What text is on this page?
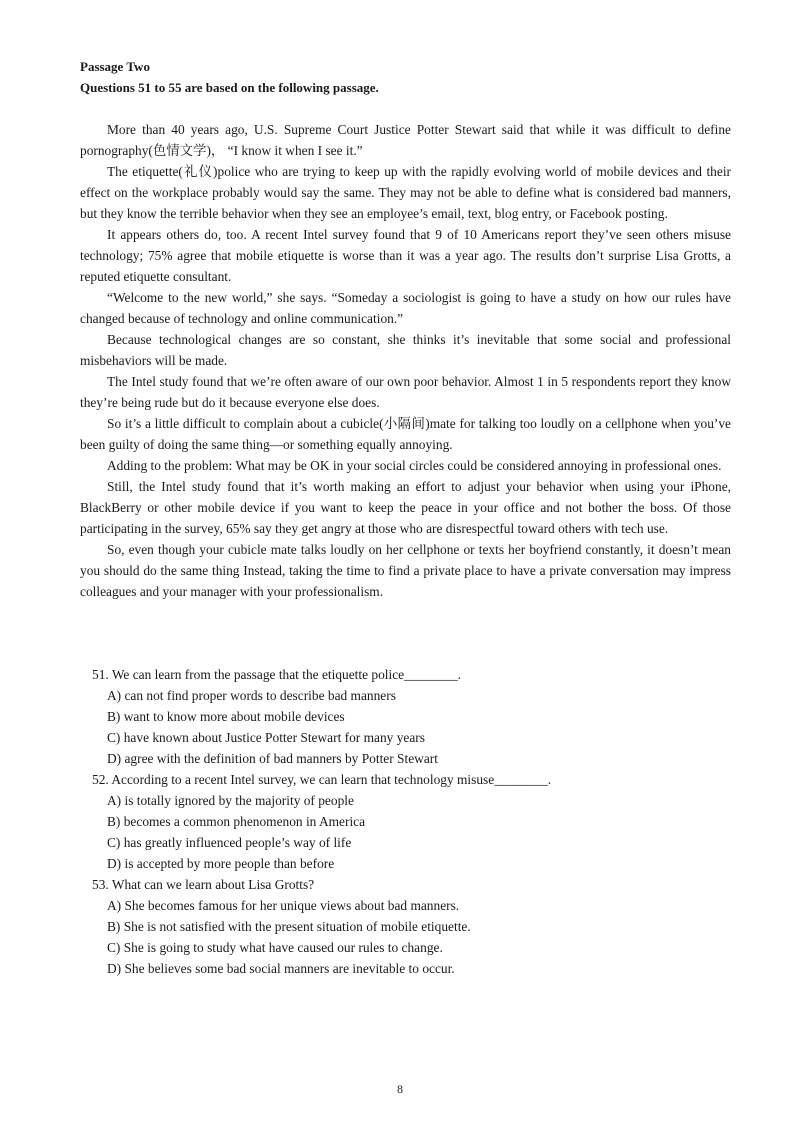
Passage Two
Questions 51 to 55 are based on the following passage.

More than 40 years ago, U.S. Supreme Court Justice Potter Stewart said that while it was difficult to define pornography(色情文学)， “I know it when I see it.”

The etiquette(礼仪)police who are trying to keep up with the rapidly evolving world of mobile devices and their effect on the workplace probably would say the same. They may not be able to define what is considered bad manners, but they know the terrible behavior when they see an employee’s email, text, blog entry, or Facebook posting.

It appears others do, too. A recent Intel survey found that 9 of 10 Americans report they’ve seen others misuse technology; 75% agree that mobile etiquette is worse than it was a year ago. The results don’t surprise Lisa Grotts, a reputed etiquette consultant.

“Welcome to the new world,” she says. “Someday a sociologist is going to have a study on how our rules have changed because of technology and online communication.”

Because technological changes are so constant, she thinks it’s inevitable that some social and professional misbehaviors will be made.

The Intel study found that we’re often aware of our own poor behavior. Almost 1 in 5 respondents report they know they’re being rude but do it because everyone else does.

So it’s a little difficult to complain about a cubicle(小隔间)mate for talking too loudly on a cellphone when you’ve been guilty of doing the same thing—or something equally annoying.

Adding to the problem: What may be OK in your social circles could be considered annoying in professional ones.

Still, the Intel study found that it’s worth making an effort to adjust your behavior when using your iPhone, BlackBerry or other mobile device if you want to keep the peace in your office and not bother the boss. Of those participating in the survey, 65% say they get angry at those who are disrespectful toward others with tech use.

So, even though your cubicle mate talks loudly on her cellphone or texts her boyfriend constantly, it doesn’t mean you should do the same thing Instead, taking the time to find a private place to have a private conversation may impress colleagues and your manager with your professionalism.

51. We can learn from the passage that the etiquette police________.

A) can not find proper words to describe bad manners

B) want to know more about mobile devices

C) have known about Justice Potter Stewart for many years

D) agree with the definition of bad manners by Potter Stewart

52. According to a recent Intel survey, we can learn that technology misuse________.

A) is totally ignored by the majority of people

B) becomes a common phenomenon in America

C) has greatly influenced people’s way of life

D) is accepted by more people than before

53. What can we learn about Lisa Grotts?

A) She becomes famous for her unique views about bad manners.

B) She is not satisfied with the present situation of mobile etiquette.

C) She is going to study what have caused our rules to change.

D) She believes some bad social manners are inevitable to occur.

8
